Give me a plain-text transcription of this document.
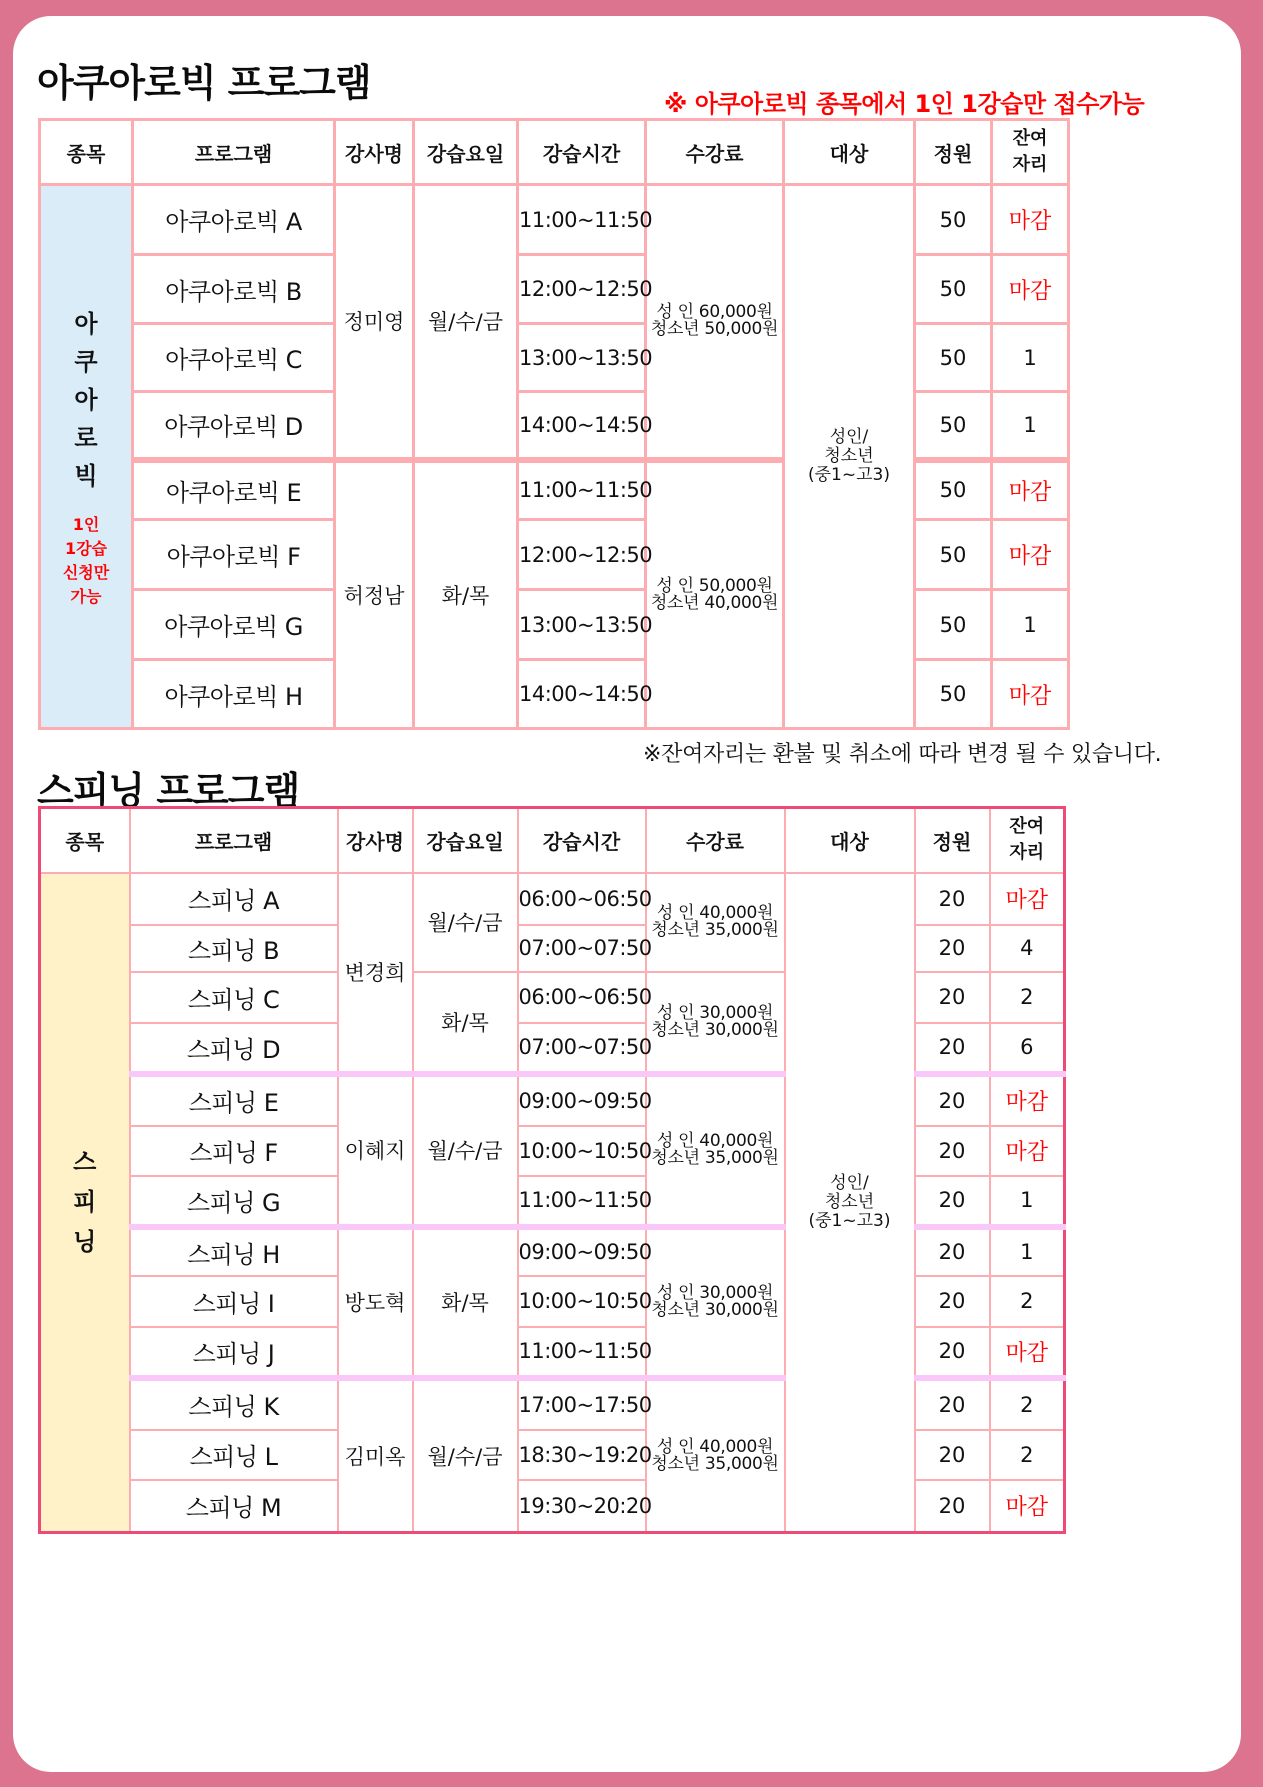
아쿠아로빅 프로그램	※ 아쿠아로빅 종목에서 1인 1강습만 접수가능
종목	프로그램	강사명	강습요일	강습시간	수강료	대상	정원	잔여
자리

아
쿠
아
로
빅
1인
1강습
신청만
가능
	아쿠아로빅 A	정미영	월/수/금	11:00~11:50	성 인 60,000원
청소년 50,000원	성인/
청소년
(중1~고3)	50	마감
	아쿠아로빅 B			12:00~12:50			50	마감
	아쿠아로빅 C			13:00~13:50			50	1
	아쿠아로빅 D			14:00~14:50			50	1
	아쿠아로빅 E	허정남	화/목	11:00~11:50	성 인 50,000원
청소년 40,000원		50	마감
	아쿠아로빅 F			12:00~12:50			50	마감
	아쿠아로빅 G			13:00~13:50			50	1
	아쿠아로빅 H			14:00~14:50			50	마감
※잔여자리는 환불 및 취소에 따라 변경 될 수 있습니다.
스피닝 프로그램
종목	프로그램	강사명	강습요일	강습시간	수강료	대상	정원	잔여
자리

스
피
닝	스피닝 A	변경희	월/수/금	06:00~06:50	성 인 40,000원
청소년 35,000원	성인/
청소년
(중1~고3)	20	마감
	스피닝 B			07:00~07:50			20	4
	스피닝 C		화/목	06:00~06:50	성 인 30,000원
청소년 30,000원		20	2
	스피닝 D			07:00~07:50			20	6
	스피닝 E	이혜지	월/수/금	09:00~09:50	성 인 40,000원
청소년 35,000원		20	마감
	스피닝 F			10:00~10:50			20	마감
	스피닝 G			11:00~11:50			20	1
	스피닝 H	방도혁	화/목	09:00~09:50	성 인 30,000원
청소년 30,000원		20	1
	스피닝 I			10:00~10:50			20	2
	스피닝 J			11:00~11:50			20	마감
	스피닝 K	김미옥	월/수/금	17:00~17:50	성 인 40,000원
청소년 35,000원		20	2
	스피닝 L			18:30~19:20			20	2
	스피닝 M			19:30~20:20			20	마감
